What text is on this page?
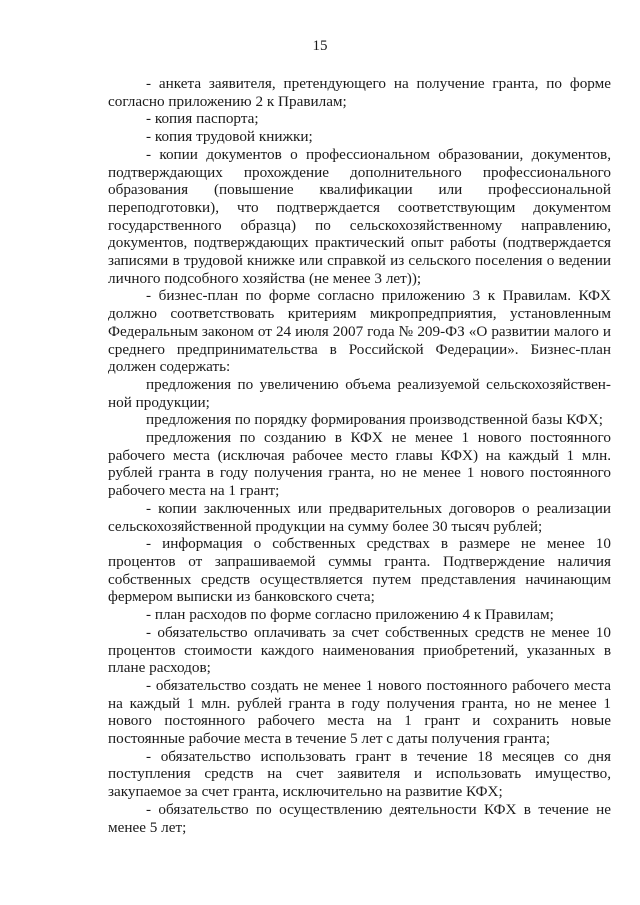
15

- анкета заявителя, претендующего на получение гранта, по форме согласно приложению 2 к Правилам;

- копия паспорта;

- копия трудовой книжки;

- копии документов о профессиональном образовании, документов, подтверждающих прохождение дополнительного профессионального образования (повышение квалификации или профессиональной переподготовки), что подтверждается соответствующим документом государственного образца) по сельскохозяйственному направлению, документов, подтверждающих практический опыт работы (подтверждается записями в трудовой книжке или справкой из сельского поселения о ведении личного подсобного хозяйства (не менее 3 лет));

- бизнес-план по форме согласно приложению 3 к Правилам. КФХ должно соответствовать критериям микропредприятия, установленным Федеральным законом от 24 июля 2007 года № 209-ФЗ «О развитии малого и среднего предпринимательства в Российской Федерации». Бизнес-план должен содержать:

предложения по увеличению объема реализуемой сельскохозяйствен-ной продукции;

предложения по порядку формирования производственной базы КФХ;

предложения по созданию в КФХ не менее 1 нового постоянного рабочего места (исключая рабочее место главы КФХ) на каждый 1 млн. рублей гранта в году получения гранта, но не менее 1 нового постоянного рабочего места на 1 грант;

- копии заключенных или предварительных договоров о реализации сельскохозяйственной продукции на сумму более 30 тысяч рублей;

- информация о собственных средствах в размере не менее 10 процентов от запрашиваемой суммы гранта. Подтверждение наличия собственных средств осуществляется путем представления начинающим фермером выписки из банковского счета;

- план расходов по форме согласно приложению 4 к Правилам;

- обязательство оплачивать за счет собственных средств не менее 10 процентов стоимости каждого наименования приобретений, указанных в плане расходов;

- обязательство создать не менее 1 нового постоянного рабочего места на каждый 1 млн. рублей гранта в году получения гранта, но не менее 1 нового постоянного рабочего места на 1 грант и сохранить новые постоянные рабочие места в течение 5 лет с даты получения гранта;

- обязательство использовать грант в течение 18 месяцев со дня поступления средств на счет заявителя и использовать имущество, закупаемое за счет гранта, исключительно на развитие КФХ;

- обязательство по осуществлению деятельности КФХ в течение не менее 5 лет;
